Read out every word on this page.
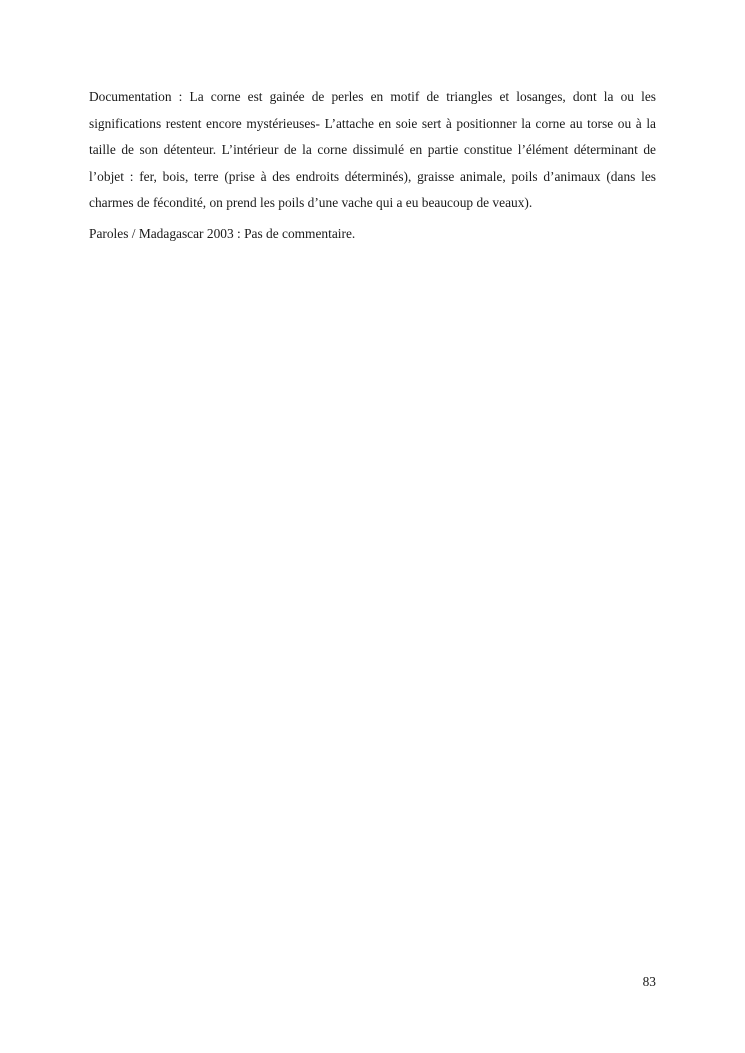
Documentation : La corne est gainée de perles en motif de triangles et losanges, dont la ou les significations restent encore mystérieuses- L’attache en soie sert à positionner la corne au torse ou à la taille de son détenteur. L’intérieur de la corne dissimulé en partie constitue l’élément déterminant de l’objet : fer, bois, terre (prise à des endroits déterminés), graisse animale, poils d’animaux (dans les charmes de fécondité, on prend les poils d’une vache qui a eu beaucoup de veaux).

Paroles / Madagascar 2003 : Pas de commentaire.

83
